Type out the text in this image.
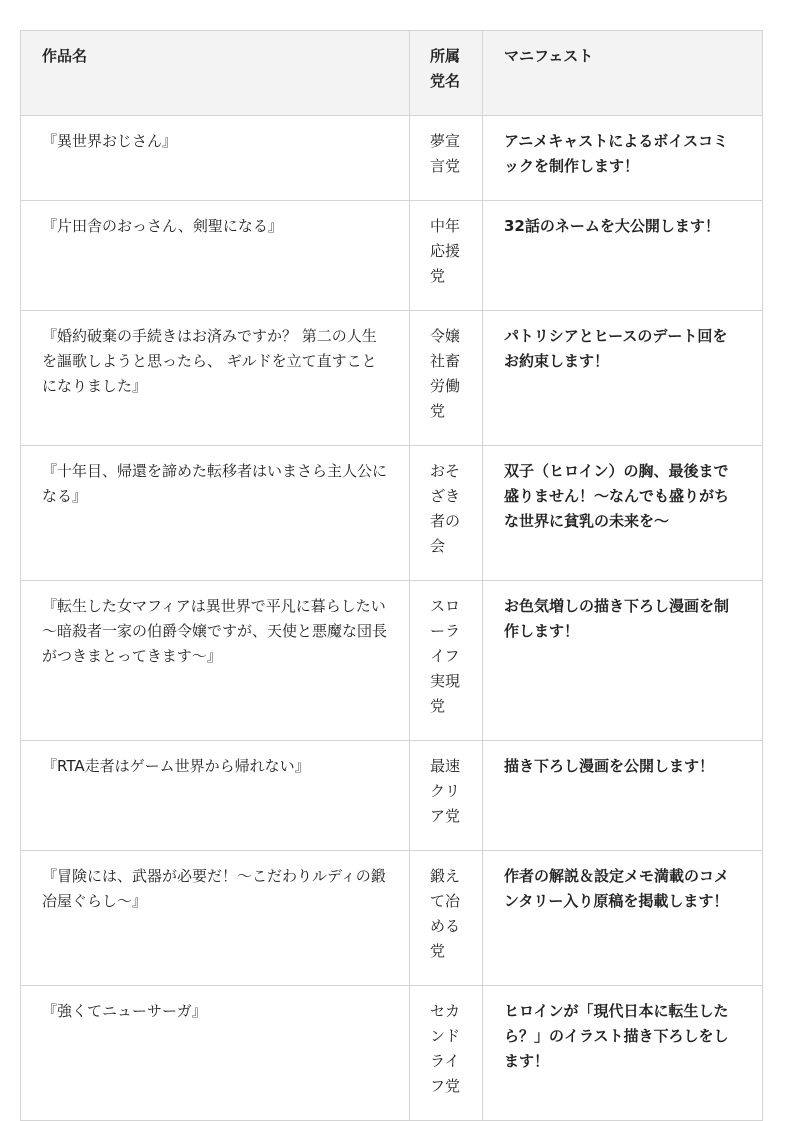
作品名	所属党名	マニフェスト
『異世界おじさん』	夢宣言党	アニメキャストによるボイスコミックを制作します！
『片田舎のおっさん、剣聖になる』	中年応援党	32話のネームを大公開します！
『婚約破棄の手続きはお済みですか？ 第二の人生を謳歌しようと思ったら、 ギルドを立て直すことになりました』	令嬢社畜労働党	パトリシアとヒースのデート回をお約束します！
『十年目、帰還を諦めた転移者はいまさら主人公になる』	おそざき者の会	双子（ヒロイン）の胸、最後まで盛りません！～なんでも盛りがちな世界に貧乳の未来を～
『転生した女マフィアは異世界で平凡に暮らしたい　～暗殺者一家の伯爵令嬢ですが、天使と悪魔な団長がつきまとってきます～』	スローライフ実現党	お色気増しの描き下ろし漫画を制作します！
『RTA走者はゲーム世界から帰れない』	最速クリア党	描き下ろし漫画を公開します！
『冒険には、武器が必要だ！～こだわりルディの鍛冶屋ぐらし～』	鍛えて冶める党	作者の解説＆設定メモ満載のコメンタリー入り原稿を掲載します！
『強くてニューサーガ』	セカンドライフ党	ヒロインが「現代日本に転生したら？」のイラスト描き下ろしをします！
